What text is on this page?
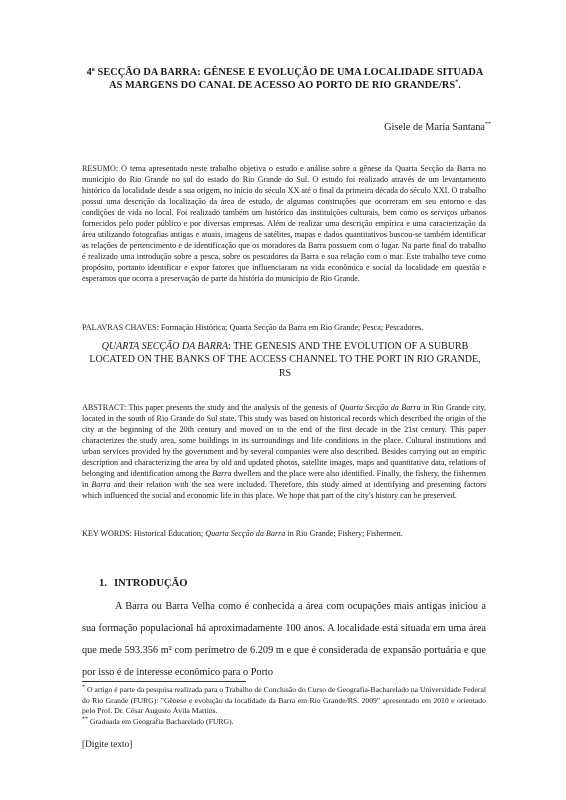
4ª SECÇÃO DA BARRA: GÊNESE E EVOLUÇÃO DE UMA LOCALIDADE SITUADA AS MARGENS DO CANAL DE ACESSO AO PORTO DE RIO GRANDE/RS*.
Gisele de Maria Santana**

RESUMO: O tema apresentado neste trabalho objetiva o estudo e análise sobre a gênese da Quarta Secção da Barra no município do Rio Grande no sul do estado do Rio Grande do Sul. O estudo foi realizado através de um levantamento histórico da localidade desde a sua origem, no início do século XX até o final da primeira década do século XXI. O trabalho possui uma descrição da localização da área de estudo, de algumas construções que ocorreram em seu entorno e das condições de vida no local. Foi realizado também um histórico das instituições culturais, bem como os serviços urbanos fornecidos pelo poder público e por diversas empresas. Além de realizar uma descrição empírica e uma caracterização da área utilizando fotografias antigas e atuais, imagens de satélites, mapas e dados quantitativos buscou-se também identificar as relações de pertencimento e de identificação que os moradores da Barra possuem com o lugar. Na parte final do trabalho é realizado uma introdução sobre a pesca, sobre os pescadores da Barra e sua relação com o mar. Este trabalho teve como propósito, portanto identificar e expor fatores que influenciaram na vida econômica e social da localidade em questão e esperamos que ocorra a preservação de parte da história do município de Rio Grande.

PALAVRAS CHAVES: Formação Histórica; Quarta Secção da Barra em Rio Grande; Pesca; Pescadores.

QUARTA SECÇÃO DA BARRA: THE GENESIS AND THE EVOLUTION OF A SUBURB LOCATED ON THE BANKS OF THE ACCESS CHANNEL TO THE PORT IN RIO GRANDE, RS

ABSTRACT: This paper presents the study and the analysis of the genesis of Quarta Secção da Barra in Rio Grande city, located in the south of Rio Grande do Sul state. This study was based on historical records which described the origin of the city at the beginning of the 20th century and moved on to the end of the first decade in the 21st century. This paper characterizes the study area, some buildings in its surroundings and life conditions in the place. Cultural institutions and urban services provided by the government and by several companies were also described. Besides carrying out an empiric description and characterizing the area by old and updated photos, satellite images, maps and quantitative data, relations of belonging and identification among the Barra dwellers and the place were also identified. Finally, the fishery, the fishermen in Barra and their relation with the sea were included. Therefore, this study aimed at identifying and presenting factors which influenced the social and economic life in this place. We hope that part of the city's history can be preserved.

KEY WORDS: Historical Education; Quarta Secção da Barra in Rio Grande; Fishery; Fishermen.

1. INTRODUÇÃO

A Barra ou Barra Velha como é conhecida a área com ocupações mais antigas iniciou a sua formação populacional há aproximadamente 100 anos. A localidade está situada em uma área que mede 593.356 m² com perímetro de 6.209 m e que é considerada de expansão portuária e que por isso é de interesse econômico para o Porto

* O artigo é parte da pesquisa realizada para o Trabalho de Conclusão do Curso de Geografia-Bacharelado na Universidade Federal do Rio Grande (FURG): "Gênese e evolução da localidade da Barra em Rio Grande/RS. 2009" apresentado em 2010 e orientado pelo Prof. Dr. César Augusto Ávila Martins.

** Graduada em Geografia Bacharelado (FURG).

[Digite texto]
